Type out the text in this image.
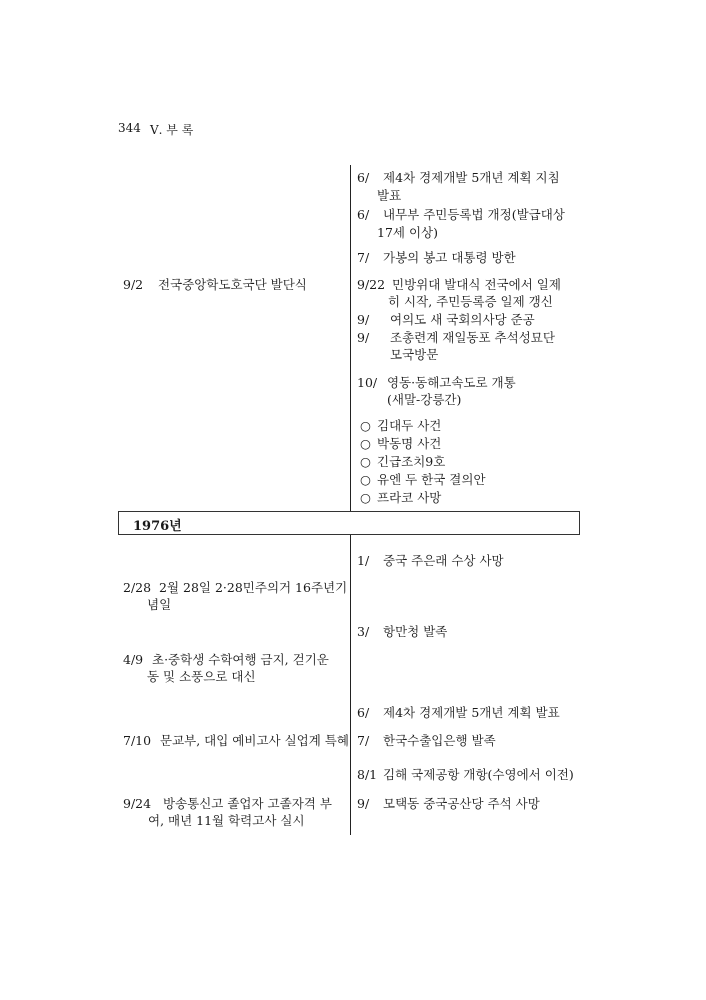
344 Ⅴ. 부 록
9/2 전국중앙학도호국단 발단식
6/ 제4차 경제개발 5개년 계획 지침
발표
6/ 내무부 주민등록법 개정(발급대상
17세 이상)
7/ 가봉의 봉고 대통령 방한
9/22 민방위대 발대식 전국에서 일제
히 시작, 주민등록증 일제 갱신
9/ 여의도 새 국회의사당 준공
9/ 조총련계 재일동포 추석성묘단
모국방문
10/ 영동·동해고속도로 개통
(새말-강릉간)
○ 김대두 사건
○ 박동명 사건
○ 긴급조치9호
○ 유엔 두 한국 결의안
○ 프라코 사망
1976년
2/28 2월 28일 2·28민주의거 16주년기
념일
4/9 초·중학생 수학여행 금지, 걷기운
동 및 소풍으로 대신
7/10 문교부, 대입 예비고사 실업계 특혜
9/24 방송통신고 졸업자 고졸자격 부
여, 매년 11월 학력고사 실시
1/ 중국 주은래 수상 사망
3/ 항만청 발족
6/ 제4차 경제개발 5개년 계획 발표
7/ 한국수출입은행 발족
8/1 김해 국제공항 개항(수영에서 이전)
9/ 모택동 중국공산당 주석 사망
